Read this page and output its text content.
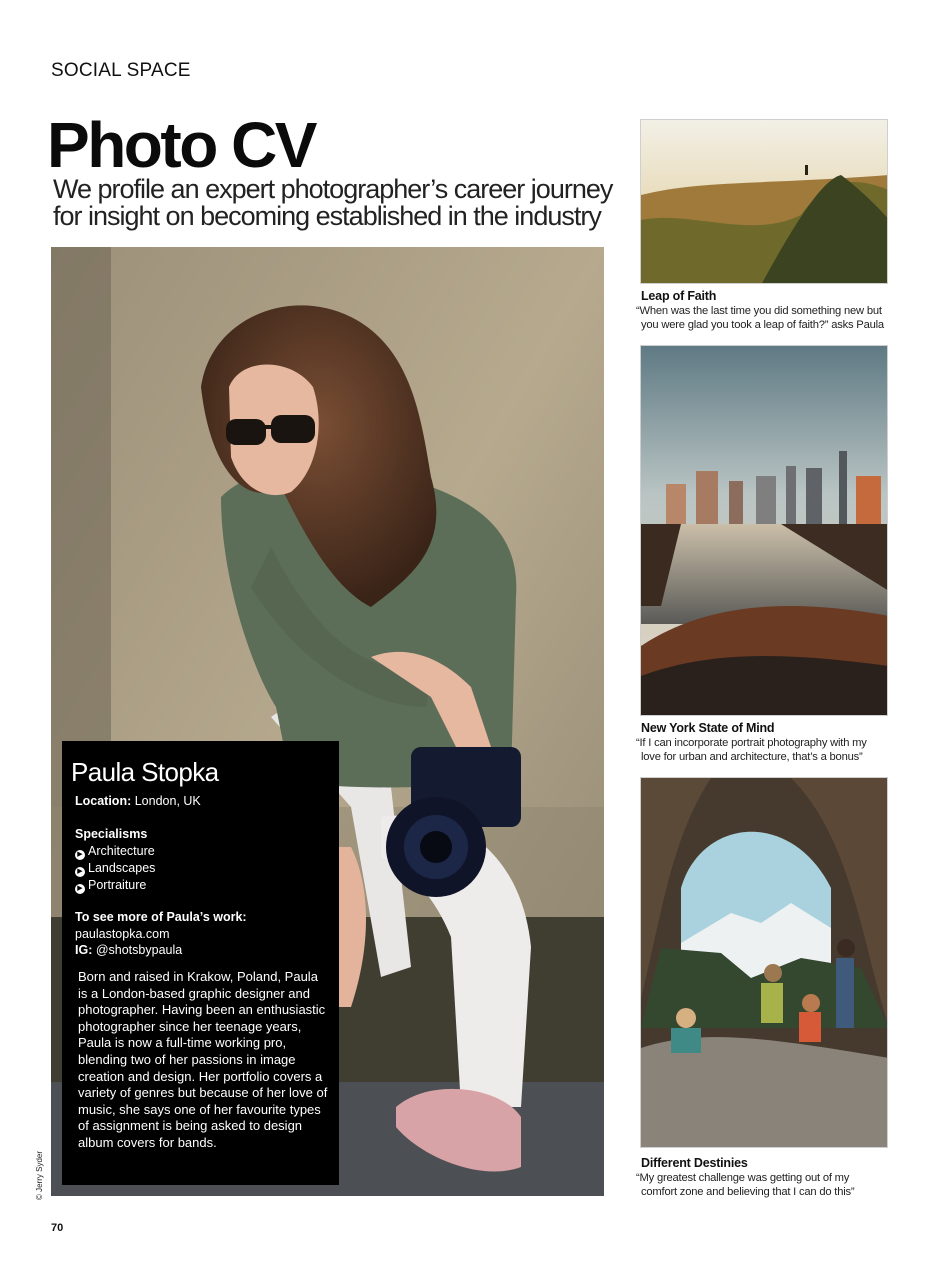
SOCIAL SPACE
Photo CV
We profile an expert photographer’s career journey
for insight on becoming established in the industry
© Jerry Syder
Paula Stopka
Location: London, UK
Specialisms
▶ Architecture
▶ Landscapes
▶ Portraiture
To see more of Paula’s work:
paulastopka.com
IG: @shotsbypaula
Born and raised in Krakow, Poland, Paula is a London-based graphic designer and photographer. Having been an enthusiastic photographer since her teenage years, Paula is now a full-time working pro, blending two of her passions in image creation and design. Her portfolio covers a variety of genres but because of her love of music, she says one of her favourite types of assignment is being asked to design album covers for bands.
Leap of Faith
“When was the last time you did something new but
you were glad you took a leap of faith?” asks Paula
New York State of Mind
“If I can incorporate portrait photography with my
love for urban and architecture, that’s a bonus”
Different Destinies
“My greatest challenge was getting out of my
comfort zone and believing that I can do this”
70
